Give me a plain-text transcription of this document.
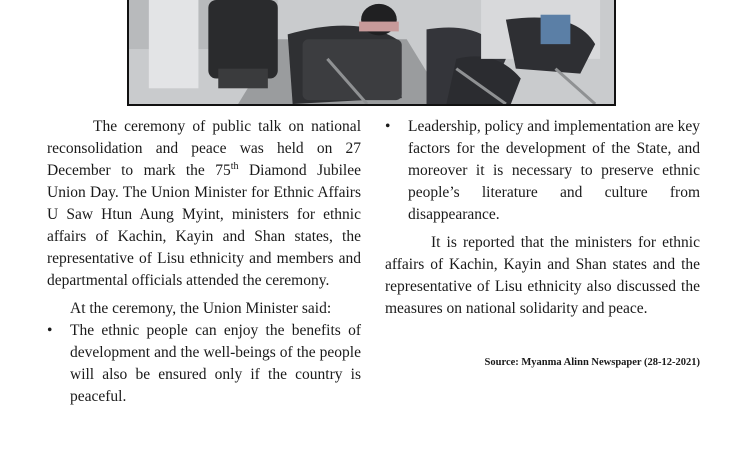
The ceremony of public talk on national reconsolidation and peace was held on 27 December to mark the 75th Diamond Jubilee Union Day. The Union Minister for Ethnic Affairs U Saw Htun Aung Myint, ministers for ethnic affairs of Kachin, Kayin and Shan states, the representative of Lisu ethnicity and members and departmental officials attended the ceremony.

At the ceremony, the Union Minister said:

• The ethnic people can enjoy the benefits of development and the well-beings of the people will also be ensured only if the country is peaceful.
• Leadership, policy and implementation are key factors for the development of the State, and moreover it is necessary to preserve ethnic people’s literature and culture from disappearance.

It is reported that the ministers for ethnic affairs of Kachin, Kayin and Shan states and the representative of Lisu ethnicity also discussed the measures on national solidarity and peace.

Source: Myanma Alinn Newspaper (28-12-2021)
